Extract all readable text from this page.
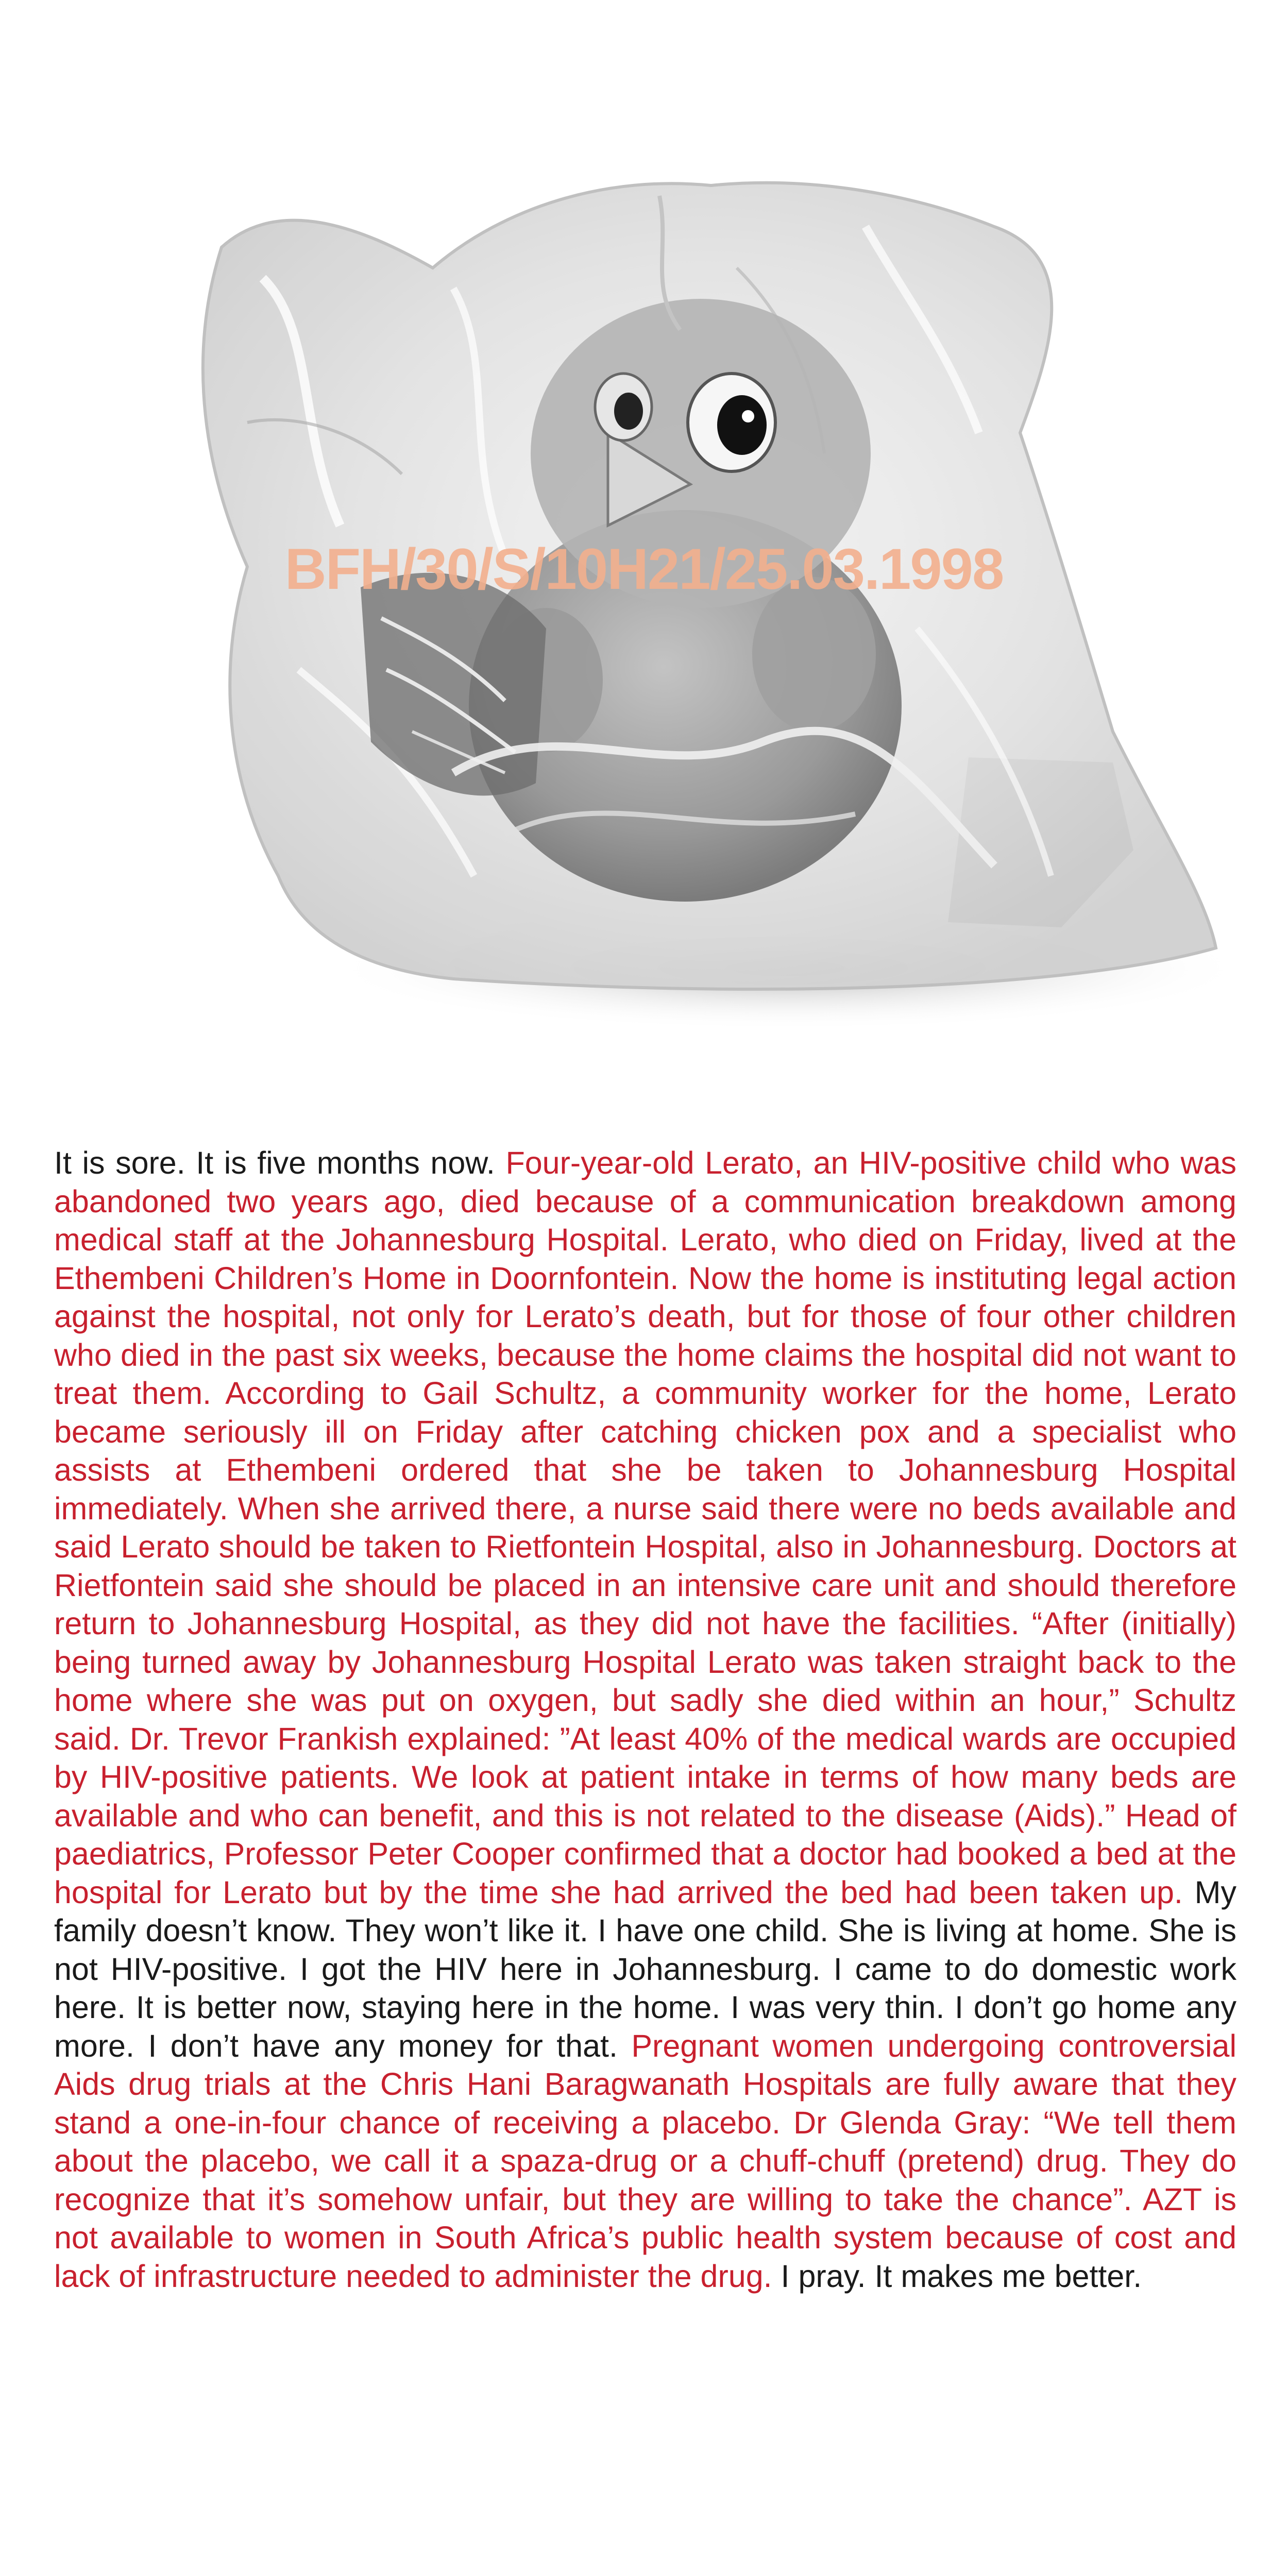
BFH/30/S/10H21/25.03.1998

It is sore. It is five months now. Four-year-old Lerato, an HIV-positive child who was abandoned two years ago, died because of a communication breakdown among medical staff at the Johannesburg Hospital. Lerato, who died on Friday, lived at the Ethembeni Children’s Home in Doornfontein. Now the home is instituting legal action against the hospital, not only for Lerato’s death, but for those of four other children who died in the past six weeks, because the home claims the hospital did not want to treat them. According to Gail Schultz, a community worker for the home, Lerato became seriously ill on Friday after catching chicken pox and a specialist who assists at Ethembeni ordered that she be taken to Johannesburg Hospital immediately. When she arrived there, a nurse said there were no beds available and said Lerato should be taken to Rietfontein Hospital, also in Johannesburg. Doctors at Rietfontein said she should be placed in an intensive care unit and should therefore return to Johannesburg Hospital, as they did not have the facilities. “After (initially) being turned away by Johannesburg Hospital Lerato was taken straight back to the home where she was put on oxygen, but sadly she died within an hour,” Schultz said. Dr. Trevor Frankish explained: ”At least 40% of the medical wards are occupied by HIV-positive patients. We look at patient intake in terms of how many beds are available and who can benefit, and this is not related to the disease (Aids).” Head of paediatrics, Professor Peter Cooper confirmed that a doctor had booked a bed at the hospital for Lerato but by the time she had arrived the bed had been taken up. My family doesn’t know. They won’t like it. I have one child. She is living at home. She is not HIV-positive. I got the HIV here in Johannesburg. I came to do domestic work here. It is better now, staying here in the home. I was very thin. I don’t go home any more. I don’t have any money for that. Pregnant women undergoing controversial Aids drug trials at the Chris Hani Baragwanath Hospitals are fully aware that they stand a one-in-four chance of receiving a placebo. Dr Glenda Gray: “We tell them about the placebo, we call it a spaza-drug or a chuff-chuff (pretend) drug. They do recognize that it’s somehow unfair, but they are willing to take the chance”. AZT is not available to women in South Africa’s public health system because of cost and lack of infrastructure needed to administer the drug. I pray. It makes me better.
